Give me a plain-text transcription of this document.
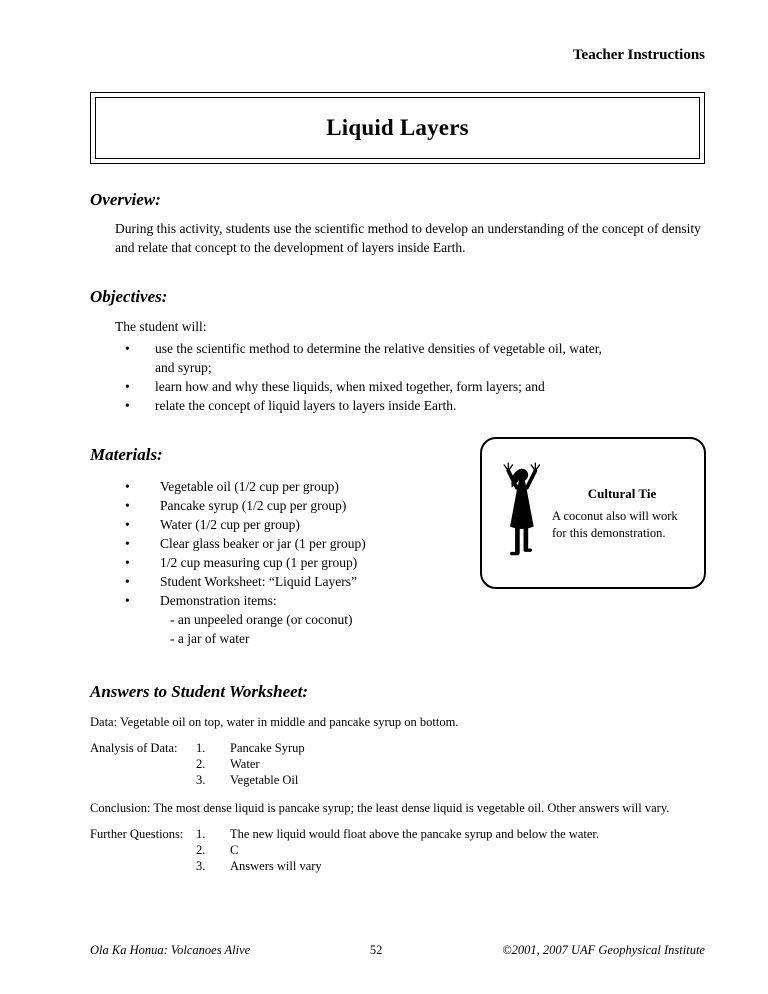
Teacher Instructions
Liquid Layers
Overview:

During this activity, students use the scientific method to develop an understanding of the concept of density and relate that concept to the development of layers inside Earth.

Objectives:
The student will:
•	use the scientific method to determine the relative densities of vegetable oil, water,
and syrup;
•	learn how and why these liquids, when mixed together, form layers; and
•	relate the concept of liquid layers to layers inside Earth.
Materials:
•	Vegetable oil (1/2 cup per group)
•	Pancake syrup (1/2 cup per group)
•	Water (1/2 cup per group)
•	Clear glass beaker or jar (1 per group)
•	1/2 cup measuring cup (1 per group)
•	Student Worksheet: “Liquid Layers”
•	Demonstration items:
- an unpeeled orange (or coconut)
- a jar of water
Answers to Student Worksheet:

Data: Vegetable oil on top, water in middle and pancake syrup on bottom.

Analysis of Data:	1.	Pancake Syrup
2.	Water
3.	Vegetable Oil

Conclusion: The most dense liquid is pancake syrup; the least dense liquid is vegetable oil. Other answers will vary.

Further Questions:	1.	The new liquid would float above the pancake syrup and below the water.
2.	C
3.	Answers will vary
Cultural Tie
A coconut also will work for this demonstration.
Ola Ka Honua: Volcanoes Alive	52	©2001, 2007 UAF Geophysical Institute
